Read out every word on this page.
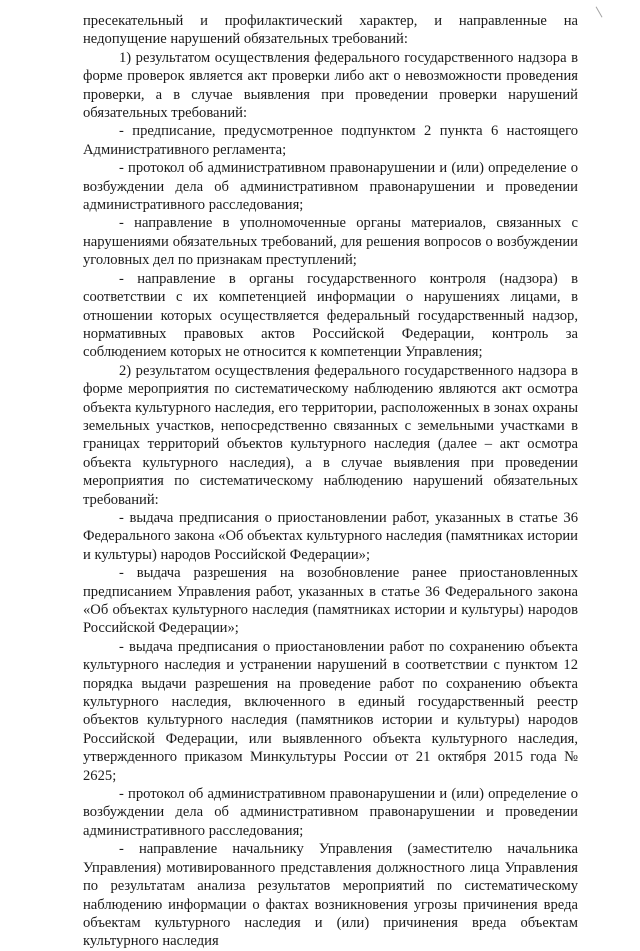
пресекательный и профилактический характер, и направленные на недопущение нарушений обязательных требований:

1) результатом осуществления федерального государственного надзора в форме проверок является акт проверки либо акт о невозможности проведения проверки, а в случае выявления при проведении проверки нарушений обязательных требований:

- предписание, предусмотренное подпунктом 2 пункта 6 настоящего Административного регламента;

- протокол об административном правонарушении и (или) определение о возбуждении дела об административном правонарушении и проведении административного расследования;

- направление в уполномоченные органы материалов, связанных с нарушениями обязательных требований, для решения вопросов о возбуждении уголовных дел по признакам преступлений;

- направление в органы государственного контроля (надзора) в соответствии с их компетенцией информации о нарушениях лицами, в отношении которых осуществляется федеральный государственный надзор, нормативных правовых актов Российской Федерации, контроль за соблюдением которых не относится к компетенции Управления;

2) результатом осуществления федерального государственного надзора в форме мероприятия по систематическому наблюдению являются акт осмотра объекта культурного наследия, его территории, расположенных в зонах охраны земельных участков, непосредственно связанных с земельными участками в границах территорий объектов культурного наследия (далее – акт осмотра объекта культурного наследия), а в случае выявления при проведении мероприятия по систематическому наблюдению нарушений обязательных требований:

- выдача предписания о приостановлении работ, указанных в статье 36 Федерального закона «Об объектах культурного наследия (памятниках истории и культуры) народов Российской Федерации»;

- выдача разрешения на возобновление ранее приостановленных предписанием Управления работ, указанных в статье 36 Федерального закона «Об объектах культурного наследия (памятниках истории и культуры) народов Российской Федерации»;

- выдача предписания о приостановлении работ по сохранению объекта культурного наследия и устранении нарушений в соответствии с пунктом 12 порядка выдачи разрешения на проведение работ по сохранению объекта культурного наследия, включенного в единый государственный реестр объектов культурного наследия (памятников истории и культуры) народов Российской Федерации, или выявленного объекта культурного наследия, утвержденного приказом Минкультуры России от 21 октября 2015 года № 2625;

- протокол об административном правонарушении и (или) определение о возбуждении дела об административном правонарушении и проведении административного расследования;

- направление начальнику Управления (заместителю начальника Управления) мотивированного представления должностного лица Управления по результатам анализа результатов мероприятий по систематическому наблюдению информации о фактах возникновения угрозы причинения вреда объектам культурного наследия и (или) причинения вреда объектам культурного наследия
